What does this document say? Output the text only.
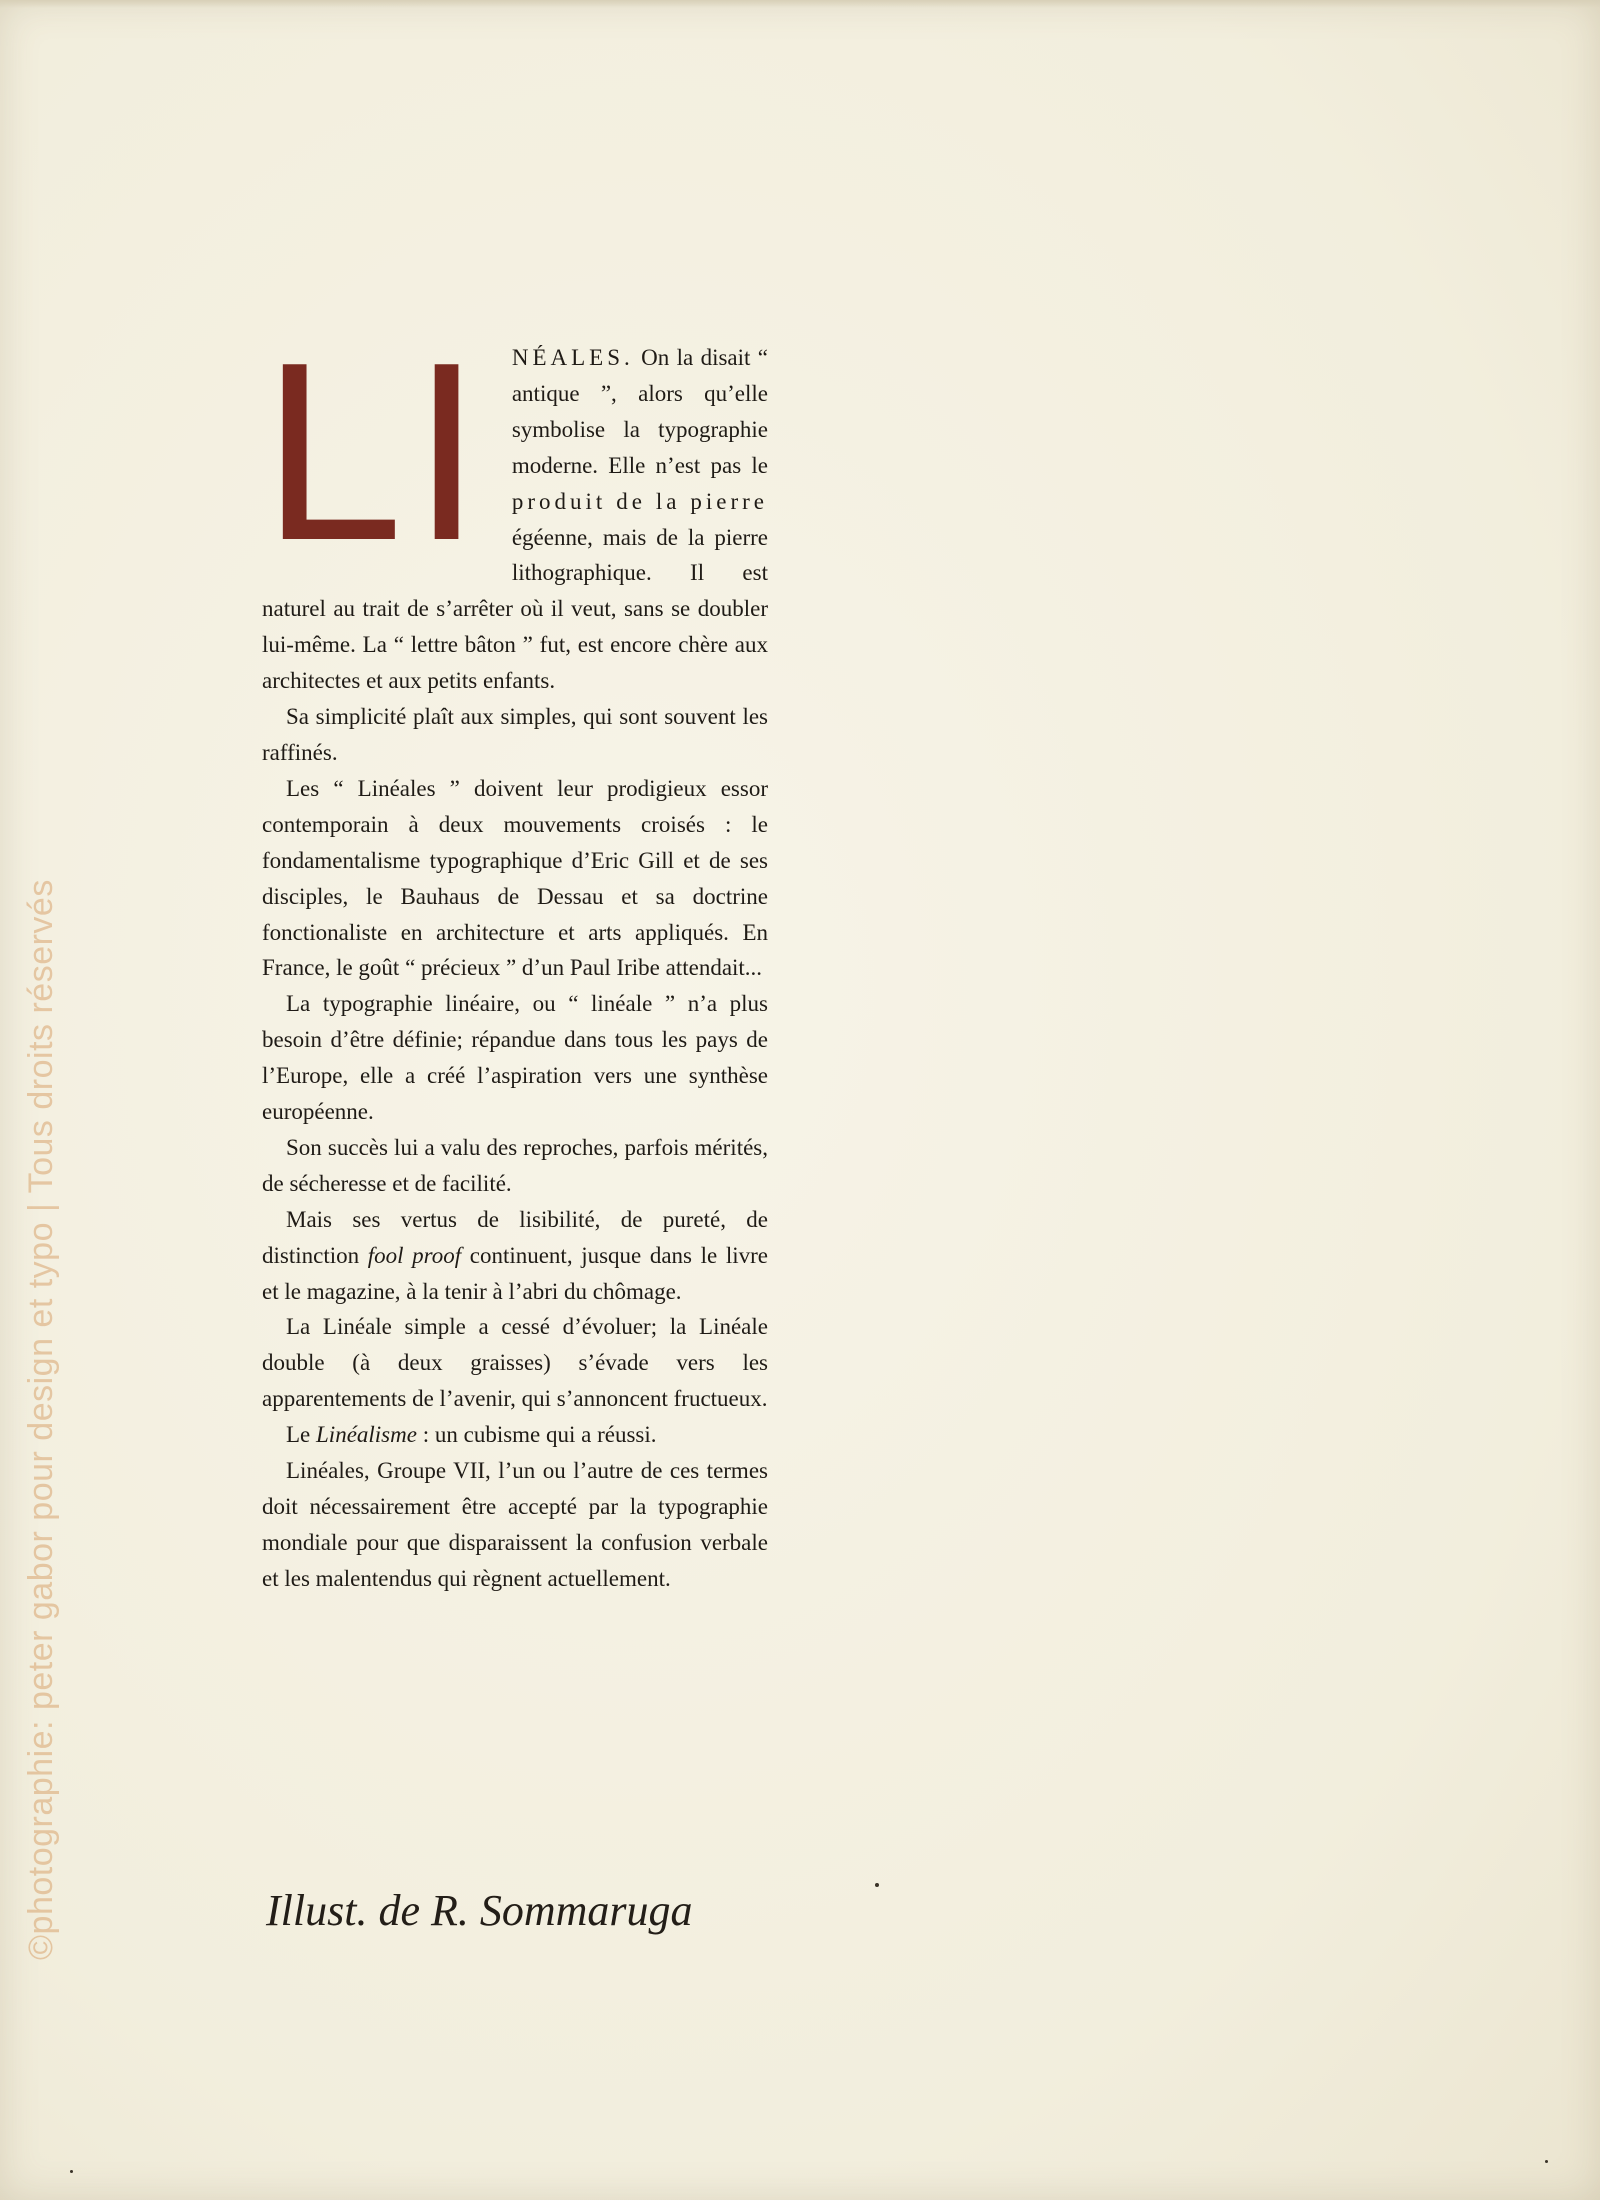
©photographie: peter gabor pour design et typo | Tous droits réservés
LI NÉALES. On la disait “ antique ”, alors qu’elle symbolise la typographie moderne. Elle n’est pas le produit de la pierre égéenne, mais de la pierre lithographique. Il est naturel au trait de s’arrêter où il veut, sans se doubler lui-même. La “ lettre bâton ” fut, est encore chère aux architectes et aux petits enfants.

Sa simplicité plaît aux simples, qui sont souvent les raffinés.

Les “ Linéales ” doivent leur prodigieux essor contemporain à deux mouvements croisés : le fondamentalisme typographique d’Eric Gill et de ses disciples, le Bauhaus de Dessau et sa doctrine fonctionaliste en architecture et arts appliqués. En France, le goût “ précieux ” d’un Paul Iribe attendait...

La typographie linéaire, ou “ linéale ” n’a plus besoin d’être définie; répandue dans tous les pays de l’Europe, elle a créé l’aspiration vers une synthèse européenne.

Son succès lui a valu des reproches, parfois mérités, de sécheresse et de facilité.

Mais ses vertus de lisibilité, de pureté, de distinction fool proof continuent, jusque dans le livre et le magazine, à la tenir à l’abri du chômage.

La Linéale simple a cessé d’évoluer; la Linéale double (à deux graisses) s’évade vers les apparentements de l’avenir, qui s’annoncent fructueux.

Le Linéalisme : un cubisme qui a réussi.

Linéales, Groupe VII, l’un ou l’autre de ces termes doit nécessairement être accepté par la typographie mondiale pour que disparaissent la confusion verbale et les malentendus qui règnent actuellement.

Illust. de R. Sommaruga
